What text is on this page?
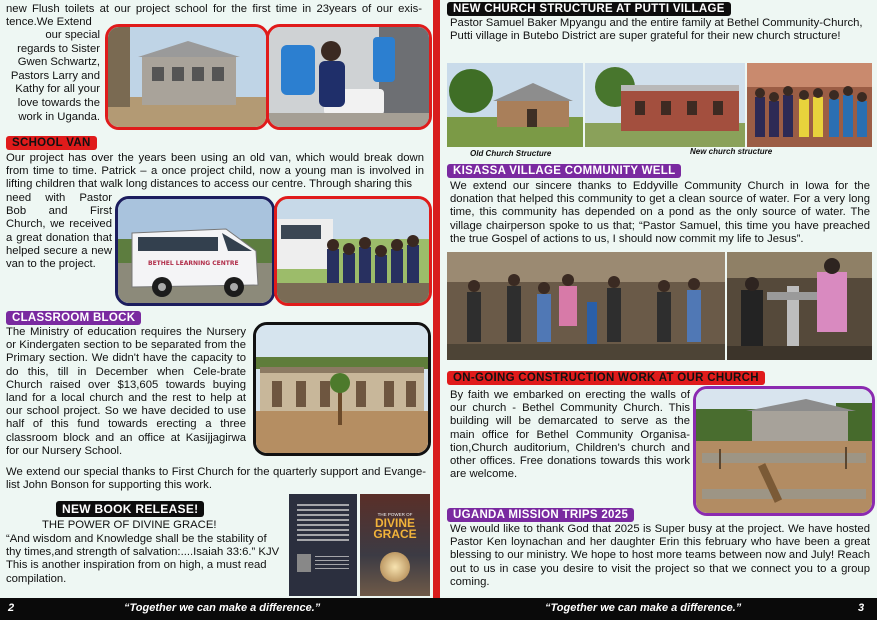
new Flush toilets at our project school for the first time in 23years of our exis-tence.We Extend

our special regards to Sister Gwen Schwartz, Pastors Larry and Kathy for all your love towards the work in Uganda.

SCHOOL VAN

Our project has over the years been using an old van, which would break down from time to time. Patrick – a once project child, now a young man is involved in lifting children that walk long distances to access our centre. Through sharing this

need with Pastor Bob and First Church, we received a great donation that helped secure a new van to the project.	BETHEL LEARNING CENTRE
CLASSROOM BLOCK

The Ministry of education requires the Nursery or Kindergaten section to be separated from the Primary section. We didn't have the capacity to do this, till in December when Cele-brate Church raised over $13,605 towards buying land for a local church and the rest to help at our school project. So we have decided to use half of this fund towards erecting a three classroom block and an office at Kasijjagirwa for our Nursery School.

We extend our special thanks to First Church for the quarterly support and Evange-list John Bonson for supporting this work.

NEW BOOK RELEASE!

THE POWER OF DIVINE GRACE!

“And wisdom and Knowledge shall be the stability of thy times,and strength of salvation:....Isaiah 33:6.” KJV This is another inspiration from on high, a must read compilation.

THE POWER OF
DIVINE
GRACE
NEW CHURCH STRUCTURE AT PUTTI VILLAGE

Pastor Samuel Baker Mpyangu and the entire family at Bethel Community-Church, Putti village in Butebo District are super grateful for their new church structure!

Old Church Structure	New church structure
KISASSA VILLAGE COMMUNITY WELL

We extend our sincere thanks to Eddyville Community Church in Iowa for the donation that helped this community to get a clean source of water. For a very long time, this community has depended on a pond as the only source of water. The village chairperson spoke to us that; “Pastor Samuel, this time you have preached the true Gospel of actions to us, I should now commit my life to Jesus”.

ON-GOING CONSTRUCTION WORK AT OUR CHURCH

By faith we embarked on erecting the walls of our church - Bethel Community Church. This building will be demarcated to serve as the main office for Bethel Community Organisa-tion,Church auditorium, Children's church and other offices. Free donations towards this work are welcome.

UGANDA MISSION TRIPS 2025

We would like to thank God that 2025 is Super busy at the project. We have hosted Pastor Ken loynachan and her daughter Erin this february who have been a great blessing to our ministry. We hope to host more teams between now and July! Reach out to us in case you desire to visit the project so that we connect you to a group coming.

2	“Together we can make a difference.”	“Together we can make a difference.”	3
